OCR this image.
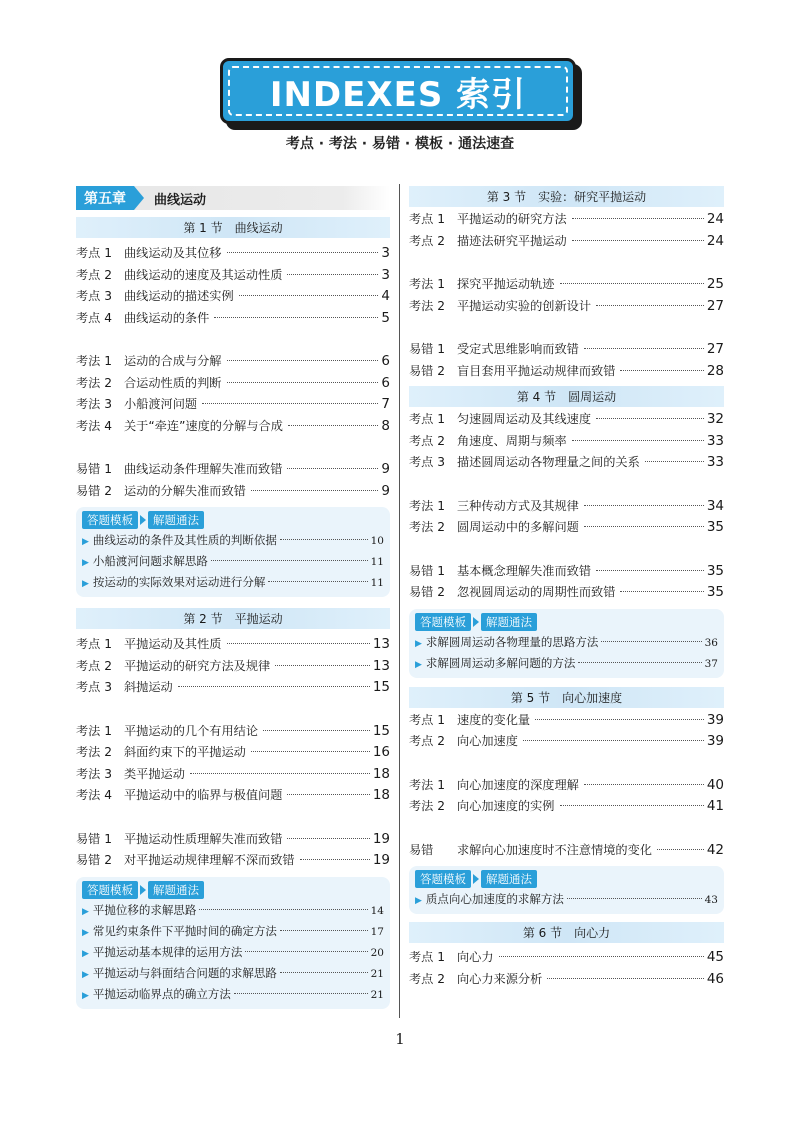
INDEXES 索引
考点 · 考法 · 易错 · 模板 · 通法速查
第五章	曲线运动
第 1 节　曲线运动
考点 1 曲线运动及其位移	3
考点 2 曲线运动的速度及其运动性质	3
考点 3 曲线运动的描述实例	4
考点 4 曲线运动的条件	5
考法 1 运动的合成与分解	6
考法 2 合运动性质的判断	6
考法 3 小船渡河问题	7
考法 4 关于“牵连”速度的分解与合成	8
易错 1 曲线运动条件理解失准而致错	9
易错 2 运动的分解失准而致错	9
答题模板	解题通法
▶ 曲线运动的条件及其性质的判断依据	10
▶ 小船渡河问题求解思路	11
▶ 按运动的实际效果对运动进行分解	11
第 2 节　平抛运动
考点 1 平抛运动及其性质	13
考点 2 平抛运动的研究方法及规律	13
考点 3 斜抛运动	15
考法 1 平抛运动的几个有用结论	15
考法 2 斜面约束下的平抛运动	16
考法 3 类平抛运动	18
考法 4 平抛运动中的临界与极值问题	18
易错 1 平抛运动性质理解失准而致错	19
易错 2 对平抛运动规律理解不深而致错	19
答题模板	解题通法
▶ 平抛位移的求解思路	14
▶ 常见约束条件下平抛时间的确定方法	17
▶ 平抛运动基本规律的运用方法	20
▶ 平抛运动与斜面结合问题的求解思路	21
▶ 平抛运动临界点的确立方法	21
第 3 节　实验：研究平抛运动
考点 1 平抛运动的研究方法	24
考点 2 描迹法研究平抛运动	24
考法 1 探究平抛运动轨迹	25
考法 2 平抛运动实验的创新设计	27
易错 1 受定式思维影响而致错	27
易错 2 盲目套用平抛运动规律而致错	28
第 4 节　圆周运动
考点 1 匀速圆周运动及其线速度	32
考点 2 角速度、周期与频率	33
考点 3 描述圆周运动各物理量之间的关系	33
考法 1 三种传动方式及其规律	34
考法 2 圆周运动中的多解问题	35
易错 1 基本概念理解失准而致错	35
易错 2 忽视圆周运动的周期性而致错	35
答题模板	解题通法
▶ 求解圆周运动各物理量的思路方法	36
▶ 求解圆周运动多解问题的方法	37
第 5 节　向心加速度
考点 1 速度的变化量	39
考点 2 向心加速度	39
考法 1 向心加速度的深度理解	40
考法 2 向心加速度的实例	41
易错	求解向心加速度时不注意情境的变化	42
答题模板	解题通法
▶ 质点向心加速度的求解方法	43
第 6 节　向心力
考点 1 向心力	45
考点 2 向心力来源分析	46
1
